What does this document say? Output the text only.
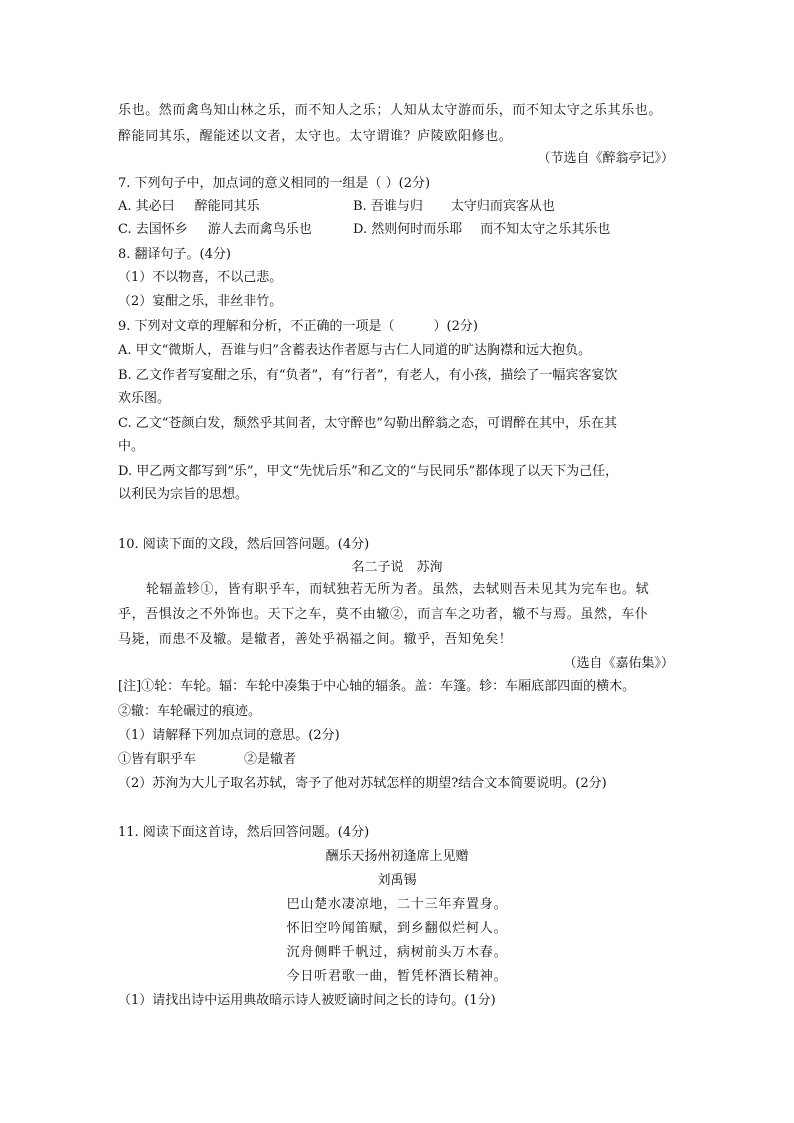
乐也。然而禽鸟知山林之乐，而不知人之乐；人知从太守游而乐，而不知太守之乐其乐也。
醉能同其乐，醒能述以文者，太守也。太守谓谁？庐陵欧阳修也。
（节选自《醉翁亭记》）
7. 下列句子中，加点词的意义相同的一组是（ ）(2分)
A. 其必曰 醉能同其乐	B. 吾谁与归 太守归而宾客从也
C. 去国怀乡 游人去而禽鸟乐也	D. 然则何时而乐耶 而不知太守之乐其乐也
8. 翻译句子。(4分)
（1）不以物喜，不以己悲。
（2）宴酣之乐，非丝非竹。
9. 下列对文章的理解和分析，不正确的一项是（　　　）(2分)
A. 甲文“微斯人，吾谁与归”含蓄表达作者愿与古仁人同道的旷达胸襟和远大抱负。
B. 乙文作者写宴酣之乐，有“负者”，有“行者”，有老人，有小孩，描绘了一幅宾客宴饮
欢乐图。
C. 乙文“苍颜白发，颓然乎其间者，太守醉也”勾勒出醉翁之态，可谓醉在其中，乐在其
中。
D. 甲乙两文都写到“乐”，甲文“先忧后乐”和乙文的“与民同乐”都体现了以天下为己任，
以利民为宗旨的思想。
10. 阅读下面的文段，然后回答问题。(4分)
名二子说　苏洵
轮辐盖轸①，皆有职乎车，而轼独若无所为者。虽然，去轼则吾未见其为完车也。轼
乎，吾惧汝之不外饰也。天下之车，莫不由辙②，而言车之功者，辙不与焉。虽然，车仆
马毙，而患不及辙。是辙者，善处乎祸福之间。辙乎，吾知免矣！
（选自《嘉佑集》）
[注]①轮：车轮。辐：车轮中凑集于中心轴的辐条。盖：车篷。轸：车厢底部四面的横木。
②辙：车轮碾过的痕迹。
（1）请解释下列加点词的意思。(2分)
①皆有职乎车	②是辙者
（2）苏洵为大儿子取名苏轼，寄予了他对苏轼怎样的期望?结合文本简要说明。(2分)
11. 阅读下面这首诗，然后回答问题。(4分)
酬乐天扬州初逢席上见赠
刘禹锡
巴山楚水凄凉地，二十三年弃置身。
怀旧空吟闻笛赋，到乡翻似烂柯人。
沉舟侧畔千帆过，病树前头万木春。
今日听君歌一曲，暂凭杯酒长精神。
（1）请找出诗中运用典故暗示诗人被贬谪时间之长的诗句。(1分)
